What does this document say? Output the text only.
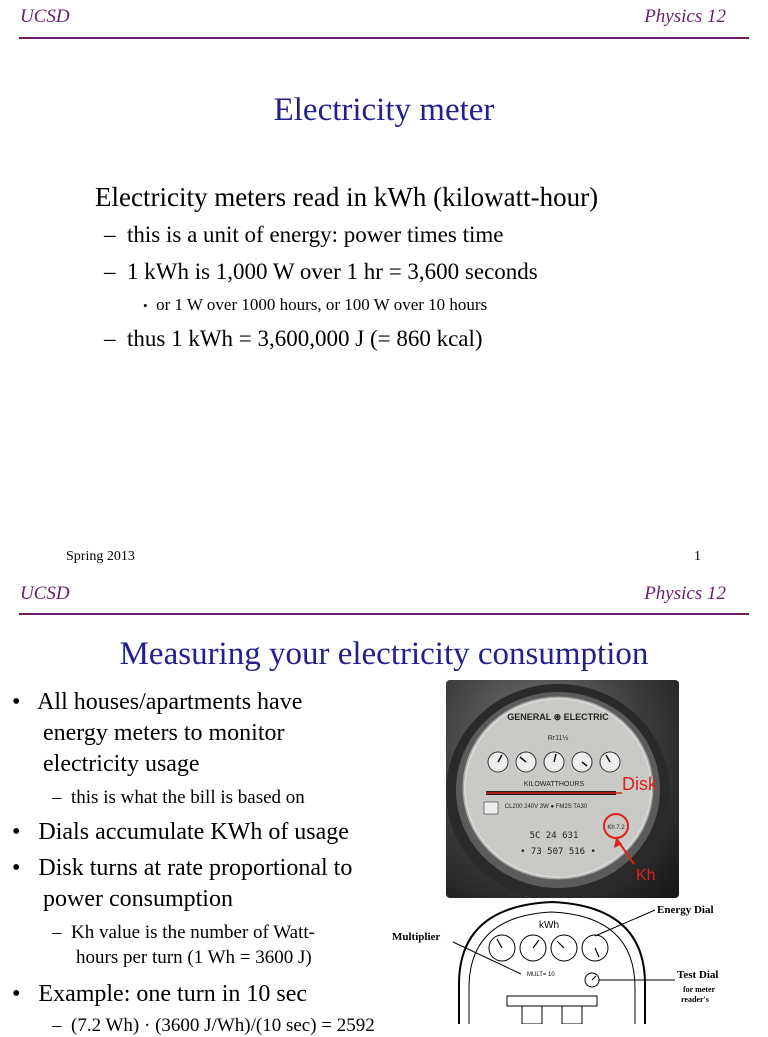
UCSD	Physics 12
Electricity meter
Electricity meters read in kWh (kilowatt-hour)
– this is a unit of energy: power times time
– 1 kWh is 1,000 W over 1 hr = 3,600 seconds
• or 1 W over 1000 hours, or 100 W over 10 hours
– thus 1 kWh = 3,600,000 J (= 860 kcal)
Spring 2013	1
UCSD	Physics 12
Measuring your electricity consumption
• All houses/apartments have
energy meters to monitor
electricity usage
– this is what the bill is based on
• Dials accumulate KWh of usage
• Disk turns at rate proportional to
power consumption
– Kh value is the number of Watt-
hours per turn (1 Wh = 3600 J)
• Example: one turn in 10 sec
– (7.2 Wh) · (3600 J/Wh)/(10 sec) = 2592
GENERAL ⊛ ELECTRIC
Rr11½
KILOWATTHOURS
CL200 240V 3W ● FM2S TA30
5C 24 631
• 73 507 516 •
Disk
Kh 7.2
Kh
Energy Dial
Multiplier
kWh
MULT= 10	Test Dial
for meter
reader's
